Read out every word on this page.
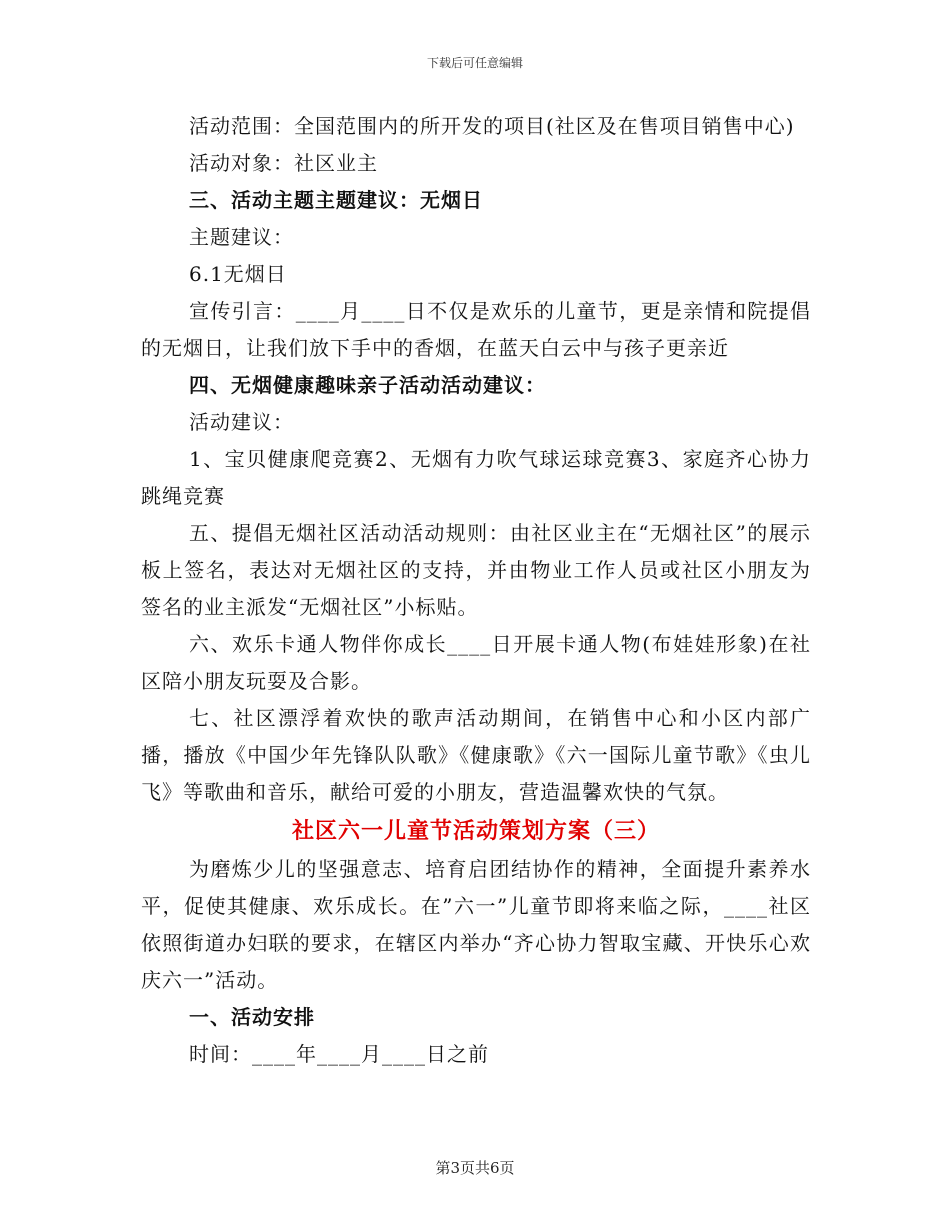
下载后可任意编辑

活动范围：全国范围内的所开发的项目(社区及在售项目销售中心)

活动对象：社区业主

三、活动主题主题建议：无烟日

主题建议：

6.1无烟日

宣传引言：____月____日不仅是欢乐的儿童节，更是亲情和院提倡的无烟日，让我们放下手中的香烟，在蓝天白云中与孩子更亲近

四、无烟健康趣味亲子活动活动建议：

活动建议：

1、宝贝健康爬竞赛2、无烟有力吹气球运球竞赛3、家庭齐心协力跳绳竞赛

五、提倡无烟社区活动活动规则：由社区业主在“无烟社区”的展示板上签名，表达对无烟社区的支持，并由物业工作人员或社区小朋友为签名的业主派发“无烟社区”小标贴。

六、欢乐卡通人物伴你成长____日开展卡通人物(布娃娃形象)在社区陪小朋友玩耍及合影。

七、社区漂浮着欢快的歌声活动期间，在销售中心和小区内部广播，播放《中国少年先锋队队歌》《健康歌》《六一国际儿童节歌》《虫儿飞》等歌曲和音乐，献给可爱的小朋友，营造温馨欢快的气氛。

社区六一儿童节活动策划方案（三）

为磨炼少儿的坚强意志、培育启团结协作的精神，全面提升素养水平，促使其健康、欢乐成长。在”六一”儿童节即将来临之际，____社区依照街道办妇联的要求，在辖区内举办“齐心协力智取宝藏、开快乐心欢庆六一”活动。

一、活动安排

时间：____年____月____日之前

第3页共6页
